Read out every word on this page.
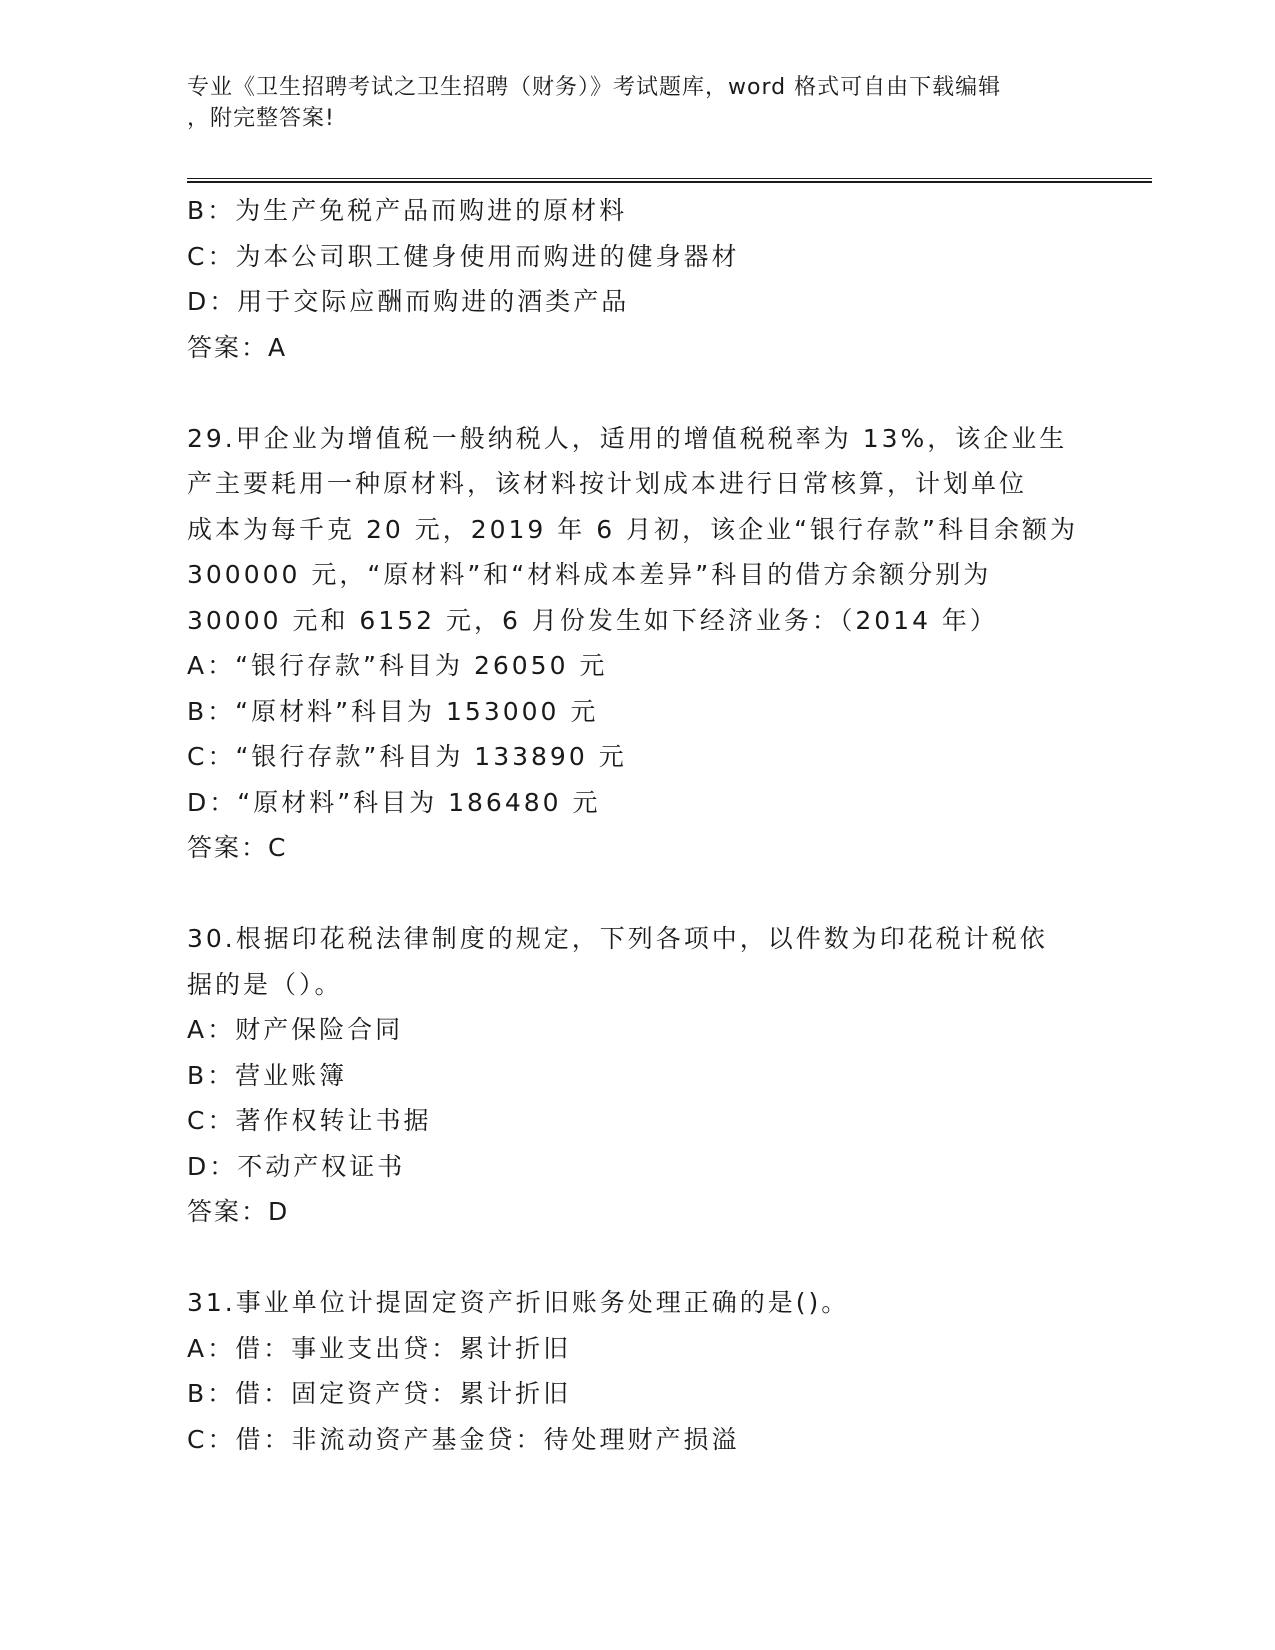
专业《卫生招聘考试之卫生招聘（财务）》考试题库，word 格式可自由下载编辑
，附完整答案!
B：为生产免税产品而购进的原材料
C：为本公司职工健身使用而购进的健身器材
D：用于交际应酬而购进的酒类产品
答案：A
29.甲企业为增值税一般纳税人，适用的增值税税率为 13%，该企业生
产主要耗用一种原材料，该材料按计划成本进行日常核算，计划单位
成本为每千克 20 元，2019 年 6 月初，该企业“银行存款”科目余额为
300000 元，“原材料”和“材料成本差异”科目的借方余额分别为
30000 元和 6152 元，6 月份发生如下经济业务：（2014 年）
A：“银行存款”科目为 26050 元
B：“原材料”科目为 153000 元
C：“银行存款”科目为 133890 元
D：“原材料”科目为 186480 元
答案：C
30.根据印花税法律制度的规定，下列各项中，以件数为印花税计税依
据的是（）。
A：财产保险合同
B：营业账簿
C：著作权转让书据
D：不动产权证书
答案：D
31.事业单位计提固定资产折旧账务处理正确的是()。
A：借：事业支出贷：累计折旧
B：借：固定资产贷：累计折旧
C：借：非流动资产基金贷：待处理财产损溢
